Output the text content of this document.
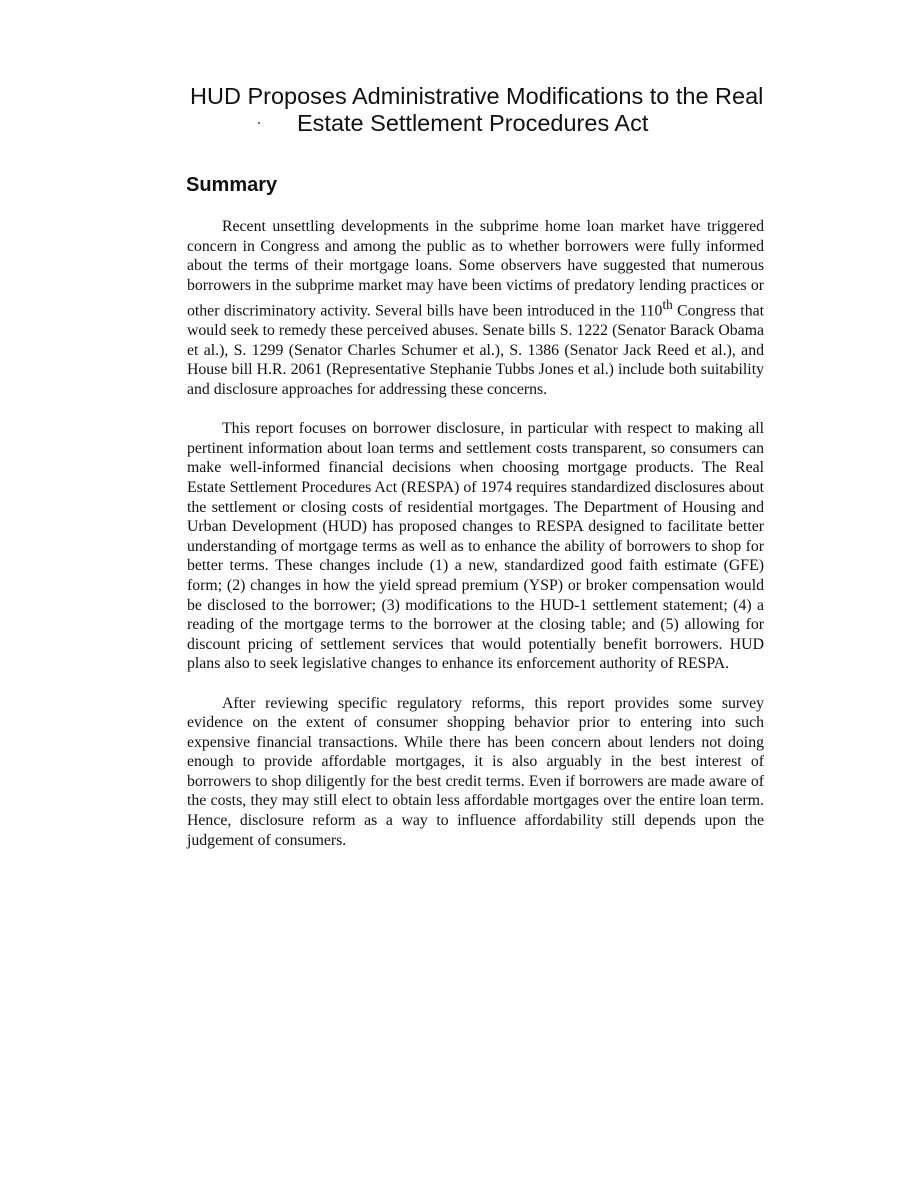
HUD Proposes Administrative Modifications to the Real
Estate Settlement Procedures Act
Summary

Recent unsettling developments in the subprime home loan market have triggered concern in Congress and among the public as to whether borrowers were fully informed about the terms of their mortgage loans. Some observers have suggested that numerous borrowers in the subprime market may have been victims of predatory lending practices or other discriminatory activity. Several bills have been introduced in the 110th Congress that would seek to remedy these perceived abuses. Senate bills S. 1222 (Senator Barack Obama et al.), S. 1299 (Senator Charles Schumer et al.), S. 1386 (Senator Jack Reed et al.), and House bill H.R. 2061 (Representative Stephanie Tubbs Jones et al.) include both suitability and disclosure approaches for addressing these concerns.

This report focuses on borrower disclosure, in particular with respect to making all pertinent information about loan terms and settlement costs transparent, so consumers can make well-informed financial decisions when choosing mortgage products. The Real Estate Settlement Procedures Act (RESPA) of 1974 requires standardized disclosures about the settlement or closing costs of residential mortgages. The Department of Housing and Urban Development (HUD) has proposed changes to RESPA designed to facilitate better understanding of mortgage terms as well as to enhance the ability of borrowers to shop for better terms. These changes include (1) a new, standardized good faith estimate (GFE) form; (2) changes in how the yield spread premium (YSP) or broker compensation would be disclosed to the borrower; (3) modifications to the HUD-1 settlement statement; (4) a reading of the mortgage terms to the borrower at the closing table; and (5) allowing for discount pricing of settlement services that would potentially benefit borrowers. HUD plans also to seek legislative changes to enhance its enforcement authority of RESPA.

After reviewing specific regulatory reforms, this report provides some survey evidence on the extent of consumer shopping behavior prior to entering into such expensive financial transactions. While there has been concern about lenders not doing enough to provide affordable mortgages, it is also arguably in the best interest of borrowers to shop diligently for the best credit terms. Even if borrowers are made aware of the costs, they may still elect to obtain less affordable mortgages over the entire loan term. Hence, disclosure reform as a way to influence affordability still depends upon the judgement of consumers.
